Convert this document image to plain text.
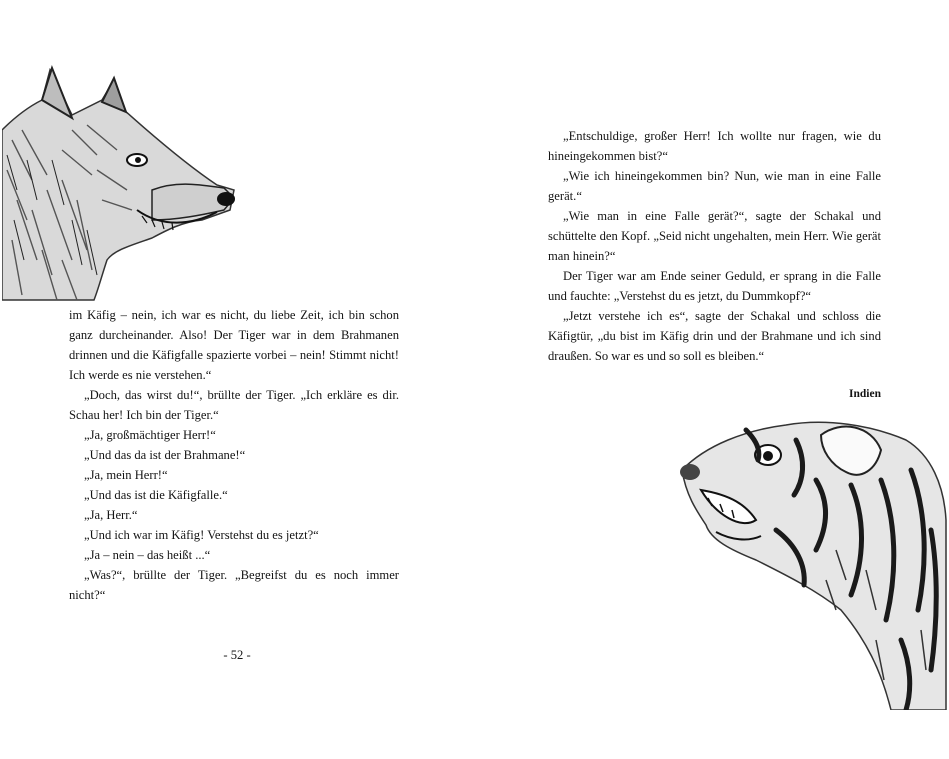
im Käfig – nein, ich war es nicht, du liebe Zeit, ich bin schon ganz durcheinander. Also! Der Tiger war in dem Brahmanen drinnen und die Käfigfalle spazierte vorbei – nein! Stimmt nicht! Ich werde es nie verstehen.“

„Doch, das wirst du!“, brüllte der Tiger. „Ich erkläre es dir. Schau her! Ich bin der Tiger.“

„Ja, großmächtiger Herr!“

„Und das da ist der Brahmane!“

„Ja, mein Herr!“

„Und das ist die Käfigfalle.“

„Ja, Herr.“

„Und ich war im Käfig! Verstehst du es jetzt?“

„Ja – nein – das heißt ...“

„Was?“, brüllte der Tiger. „Begreifst du es noch immer nicht?“

- 52 -

„Entschuldige, großer Herr! Ich wollte nur fragen, wie du hineingekommen bist?“

„Wie ich hineingekommen bin? Nun, wie man in eine Falle gerät.“

„Wie man in eine Falle gerät?“, sagte der Schakal und schüttelte den Kopf. „Seid nicht ungehalten, mein Herr. Wie gerät man hinein?“

Der Tiger war am Ende seiner Geduld, er sprang in die Falle und fauchte: „Verstehst du es jetzt, du Dummkopf?“

„Jetzt verstehe ich es“, sagte der Schakal und schloss die Käfigtür, „du bist im Käfig drin und der Brahmane und ich sind draußen. So war es und so soll es bleiben.“

Indien
